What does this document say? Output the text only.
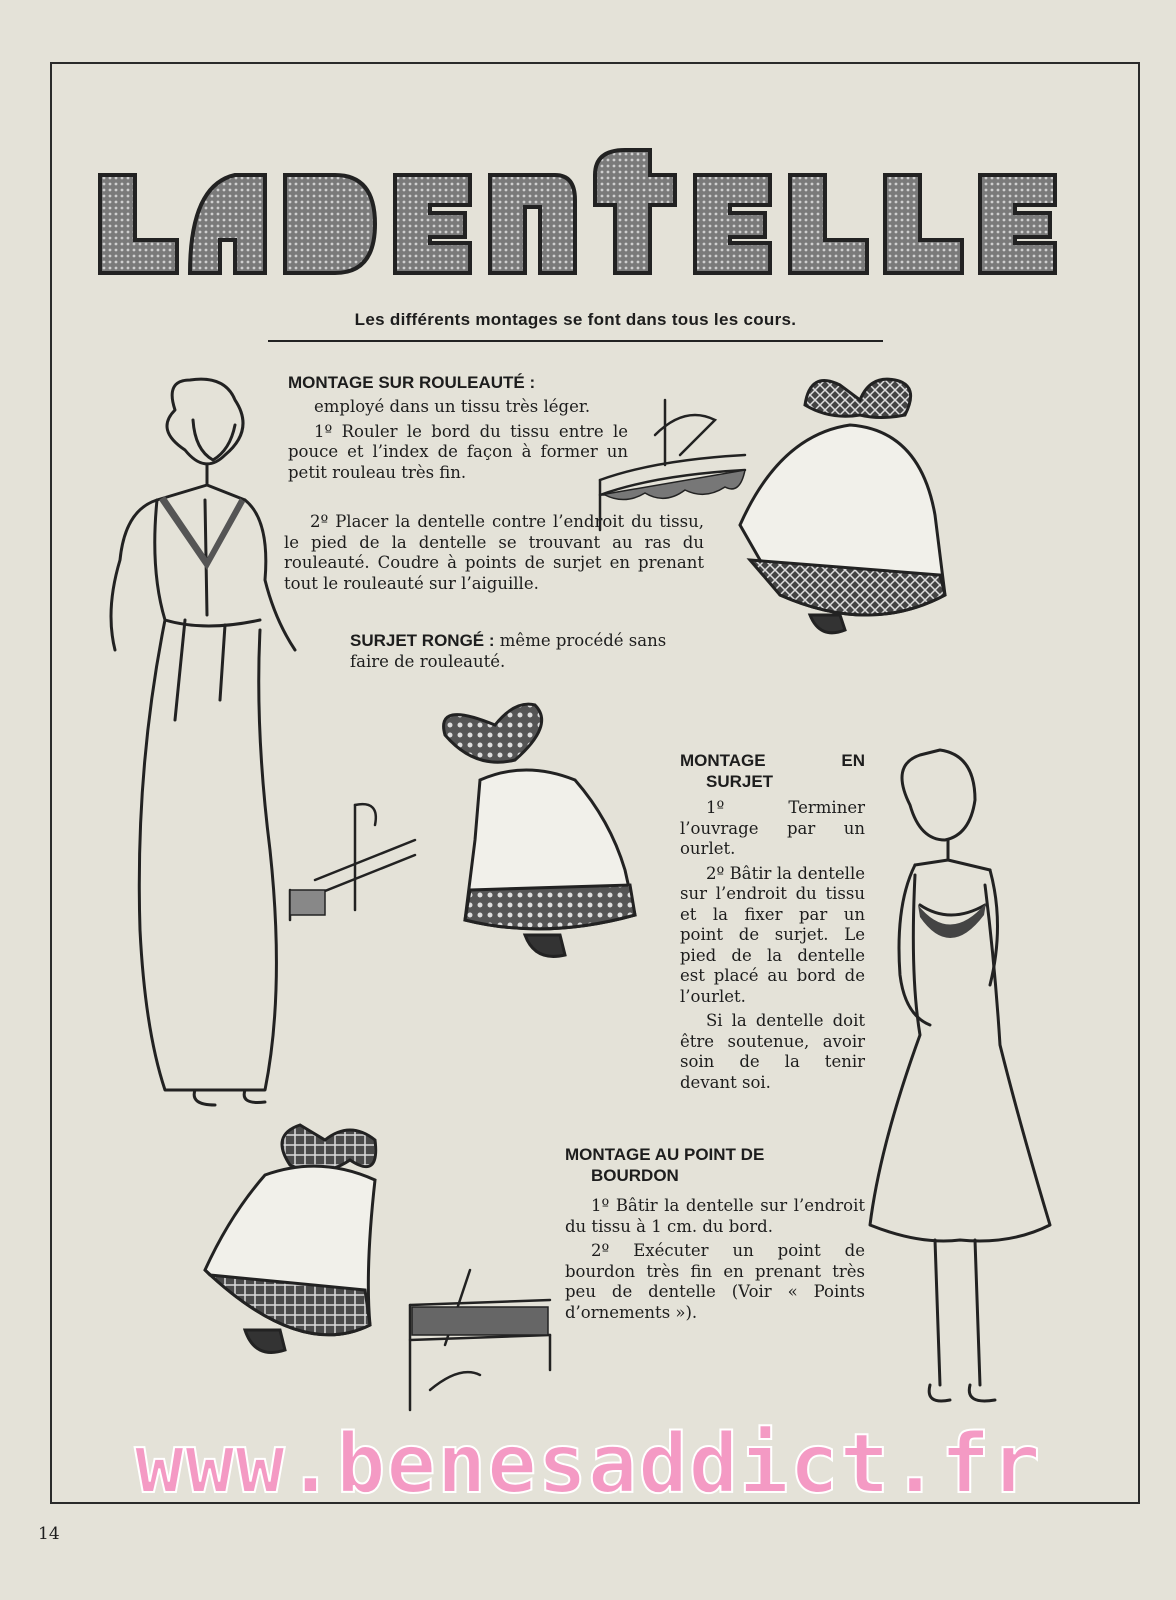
Les différents montages se font dans tous les cours.

MONTAGE SUR ROULEAUTÉ :

employé dans un tissu très léger.

1º Rouler le bord du tissu entre le pouce et l’index de façon à former un petit rouleau très fin.

2º Placer la dentelle contre l’endroit du tissu, le pied de la dentelle se trouvant au ras du rouleauté. Coudre à points de surjet en prenant tout le rouleauté sur l’aiguille.

SURJET RONGÉ : même procédé sans faire de rouleauté.

MONTAGE EN

SURJET

1º Terminer l’ouvrage par un ourlet.

2º Bâtir la dentelle sur l’endroit du tissu et la fixer par un point de surjet. Le pied de la dentelle est placé au bord de l’ourlet.

Si la dentelle doit être soutenue, avoir soin de la tenir devant soi.

MONTAGE AU POINT DE

BOURDON

1º Bâtir la dentelle sur l’endroit du tissu à 1 cm. du bord.

2º Exécuter un point de bourdon très fin en prenant très peu de dentelle (Voir « Points d’ornements »).

www.benesaddict.fr
14
